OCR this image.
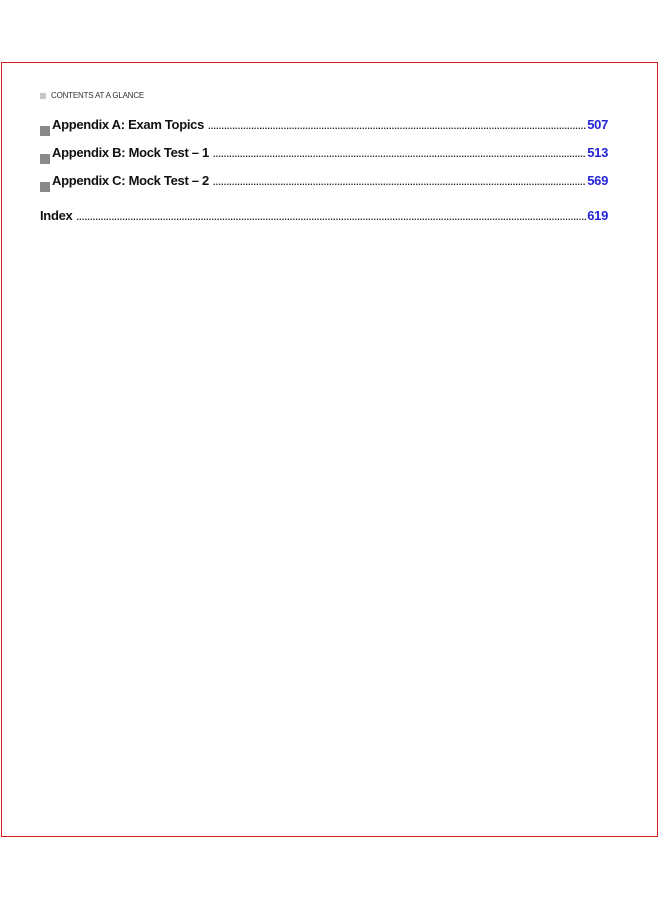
CONTENTS AT A GLANCE
Appendix A: Exam Topics .....	507
Appendix B: Mock Test – 1 .....	513
Appendix C: Mock Test – 2 .....	569
Index .....	619
